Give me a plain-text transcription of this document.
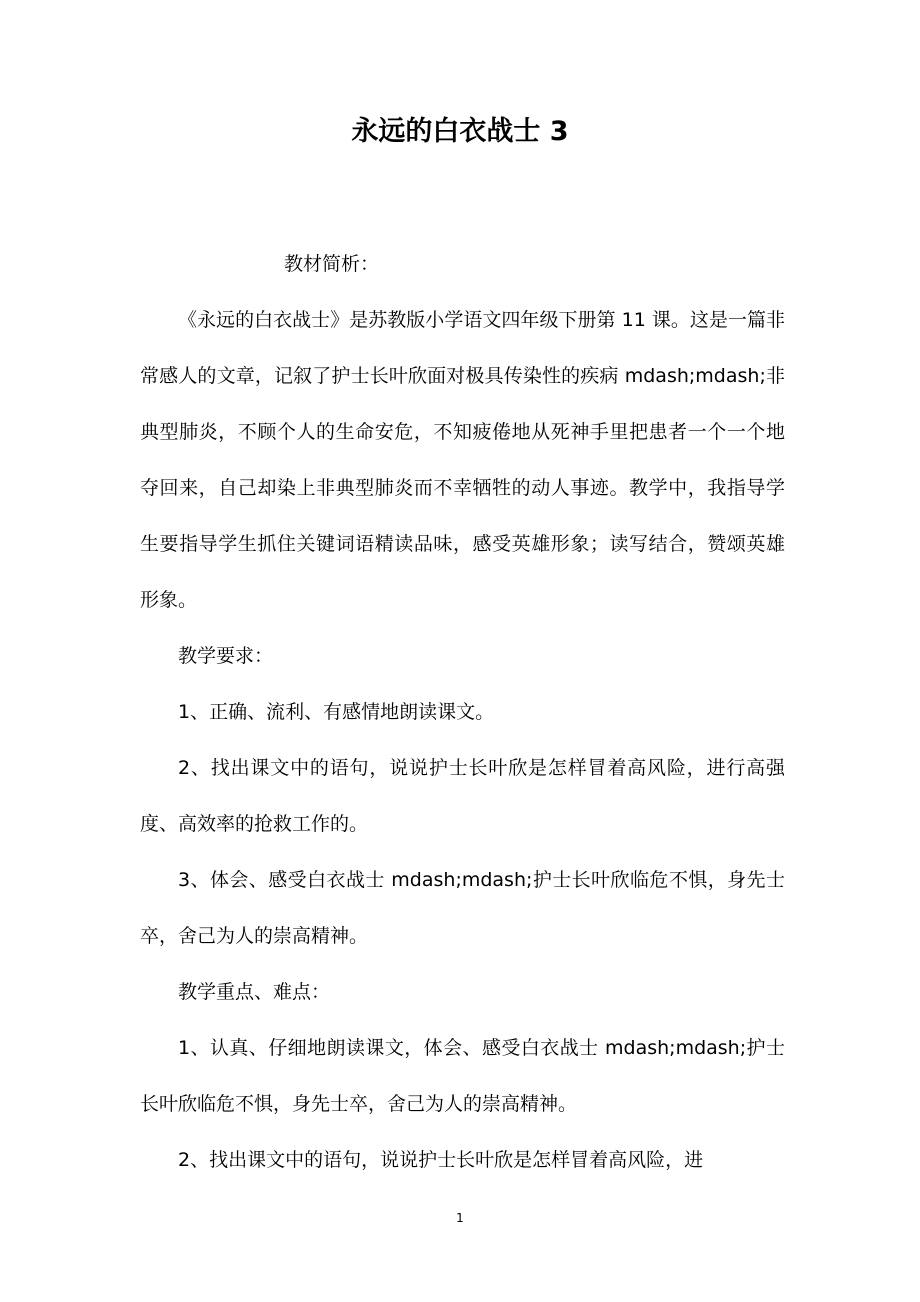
永远的白衣战士 3

教材简析：

《永远的白衣战士》是苏教版小学语文四年级下册第 11 课。这是一篇非常感人的文章，记叙了护士长叶欣面对极具传染性的疾病 mdash;mdash;非典型肺炎，不顾个人的生命安危，不知疲倦地从死神手里把患者一个一个地夺回来，自己却染上非典型肺炎而不幸牺牲的动人事迹。教学中，我指导学生要指导学生抓住关键词语精读品味，感受英雄形象；读写结合，赞颂英雄形象。

教学要求：

1、正确、流利、有感情地朗读课文。

2、找出课文中的语句，说说护士长叶欣是怎样冒着高风险，进行高强度、高效率的抢救工作的。

3、体会、感受白衣战士 mdash;mdash;护士长叶欣临危不惧，身先士卒，舍己为人的崇高精神。

教学重点、难点：

1、认真、仔细地朗读课文，体会、感受白衣战士 mdash;mdash;护士长叶欣临危不惧，身先士卒，舍己为人的崇高精神。

2、找出课文中的语句，说说护士长叶欣是怎样冒着高风险，进

1
